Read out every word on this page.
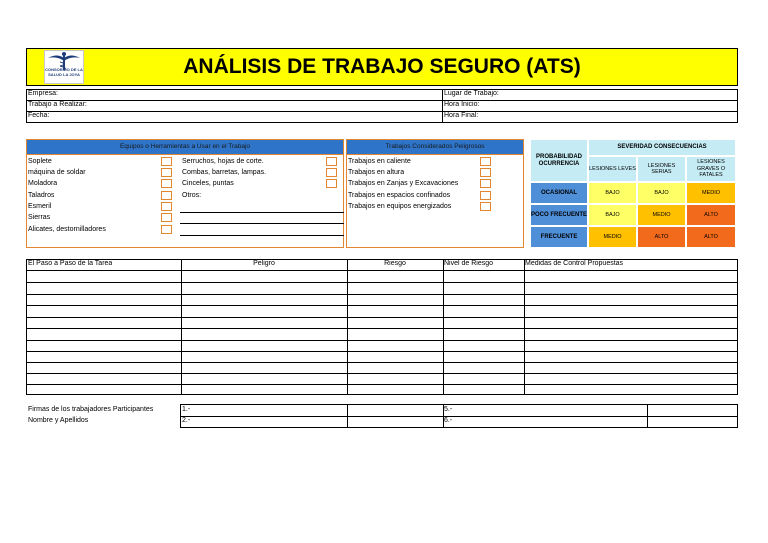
ANÁLISIS DE TRABAJO SEGURO (ATS)
CONSORCIO DE LA SALUD LA JOYA
Empresa:
Trabajo a Realizar:
Fecha:
Lugar de Trabajo:
Hora Inicio:
Hora Final:
Equipos o Herramientas a Usar en el Trabajo
Soplete
máquina de soldar
Moladora
Taladros
Esmeril
Sierras
Alicates, destornilladores
Serruchos, hojas de corte.
Combas, barretas, lampas.
Cinceles, puntas
Otros:
Trabajos Considerados Peligrosos
Trabajos en caliente
Trabajos en altura
Trabajos en Zanjas y Excavaciones
Trabajos en espacios confinados
Trabajos en equipos energizados
PROBABILIDAD OCURRENCIA
SEVERIDAD CONSECUENCIAS
LESIONES LEVES
LESIONES SERIAS
LESIONES GRAVES O FATALES
OCASIONAL	BAJO	BAJO	MEDIO
POCO FRECUENTE	BAJO	MEDIO	ALTO
FRECUENTE	MEDIO	ALTO	ALTO
El Paso a Paso de la Tarea	Peligro	Riesgo	Nivel de Riesgo	Medidas de Control Propuestas
Firmas de los trabajadores Participantes
Nombre y Apellidos
1.-
2.-
5.-
6.-
